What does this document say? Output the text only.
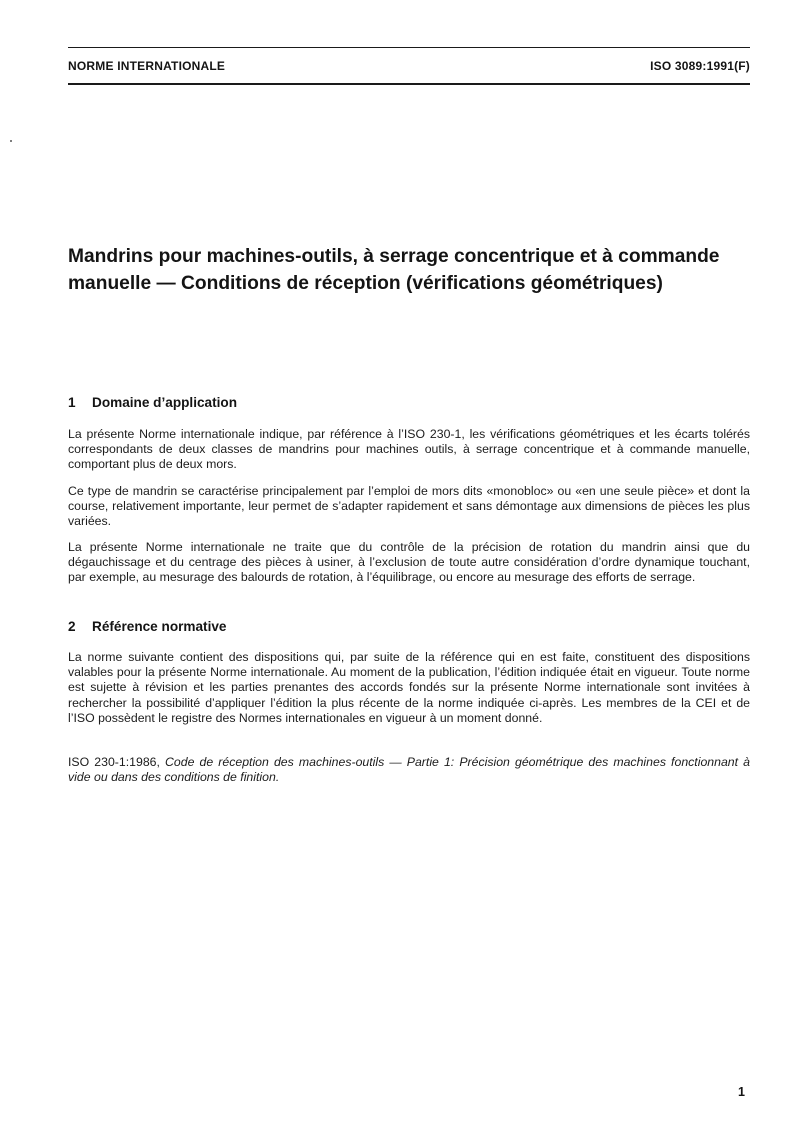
NORME INTERNATIONALE	ISO 3089:1991(F)
Mandrins pour machines-outils, à serrage concentrique et à commande manuelle — Conditions de réception (vérifications géométriques)
1 Domaine d’application

La présente Norme internationale indique, par référence à l’ISO 230-1, les vérifications géométriques et les écarts tolérés correspondants de deux classes de mandrins pour machines outils, à serrage concentrique et à commande manuelle, comportant plus de deux mors.

Ce type de mandrin se caractérise principalement par l’emploi de mors dits «monobloc» ou «en une seule pièce» et dont la course, relativement importante, leur permet de s’adapter rapidement et sans démontage aux dimensions de pièces les plus variées.

La présente Norme internationale ne traite que du contrôle de la précision de rotation du mandrin ainsi que du dégauchissage et du centrage des pièces à usiner, à l’exclusion de toute autre considération d’ordre dynamique touchant, par exemple, au mesurage des balourds de rotation, à l’équilibrage, ou encore au mesurage des efforts de serrage.

2 Référence normative

La norme suivante contient des dispositions qui, par suite de la référence qui en est faite, constituent des dispositions valables pour la présente Norme internationale. Au moment de la publication, l’édition indiquée était en vigueur. Toute norme est sujette à révision et les parties prenantes des accords fondés sur la présente Norme internationale sont invitées à rechercher la possibilité d’appliquer l’édition la plus récente de la norme indiquée ci-après. Les membres de la CEI et de l’ISO possèdent le registre des Normes internationales en vigueur à un moment donné.

ISO 230-1:1986, Code de réception des machines-outils — Partie 1: Précision géométrique des machines fonctionnant à vide ou dans des conditions de finition.

1
